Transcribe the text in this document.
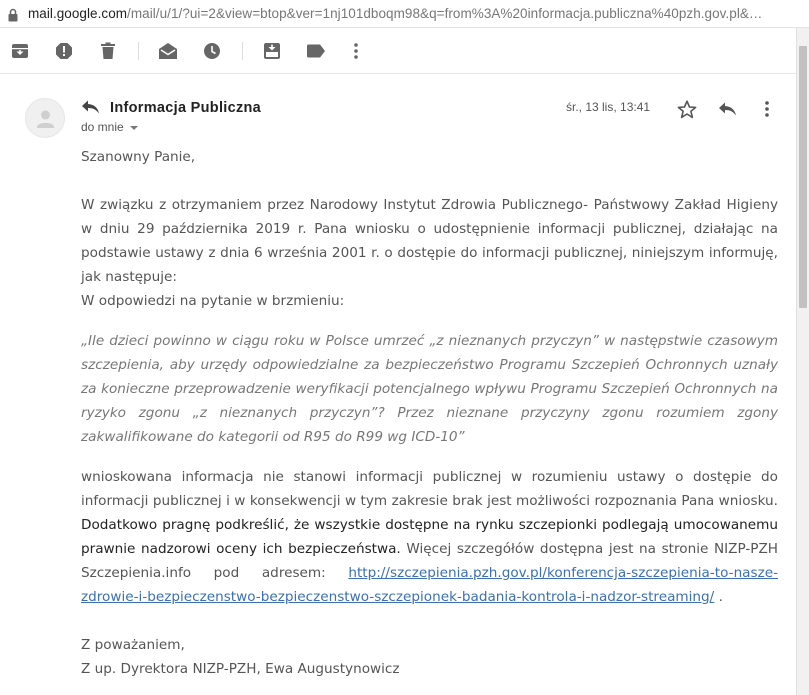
mail.google.com/mail/u/1/?ui=2&view=btop&ver=1nj101dboqm98&q=from%3A%20informacja.publiczna%40pzh.gov.pl&…
Informacja Publiczna
do mnie
śr., 13 lis, 13:41

Szanowny Panie,

W związku z otrzymaniem przez Narodowy Instytut Zdrowia Publicznego- Państwowy Zakład Higieny w dniu 29 października 2019 r. Pana wniosku o udostępnienie informacji publicznej, działając na podstawie ustawy z dnia 6 września 2001 r. o dostępie do informacji publicznej, niniejszym informuję, jak następuje:

W odpowiedzi na pytanie w brzmieniu:

„Ile dzieci powinno w ciągu roku w Polsce umrzeć „z nieznanych przyczyn” w następstwie czasowym szczepienia, aby urzędy odpowiedzialne za bezpieczeństwo Programu Szczepień Ochronnych uznały za konieczne przeprowadzenie weryfikacji potencjalnego wpływu Programu Szczepień Ochronnych na ryzyko zgonu „z nieznanych przyczyn”? Przez nieznane przyczyny zgonu rozumiem zgony zakwalifikowane do kategorii od R95 do R99 wg ICD-10”

wnioskowana informacja nie stanowi informacji publicznej w rozumieniu ustawy o dostępie do informacji publicznej i w konsekwencji w tym zakresie brak jest możliwości rozpoznania Pana wniosku. Dodatkowo pragnę podkreślić, że wszystkie dostępne na rynku szczepionki podlegają umocowanemu prawnie nadzorowi oceny ich bezpieczeństwa. Więcej szczegółów dostępna jest na stronie NIZP-PZH Szczepienia.info pod adresem: http://szczepienia.pzh.gov.pl/konferencja-szczepienia-to-nasze-zdrowie-i-bezpieczenstwo-bezpieczenstwo-szczepionek-badania-kontrola-i-nadzor-streaming/ .

Z poważaniem,

Z up. Dyrektora NIZP-PZH, Ewa Augustynowicz
